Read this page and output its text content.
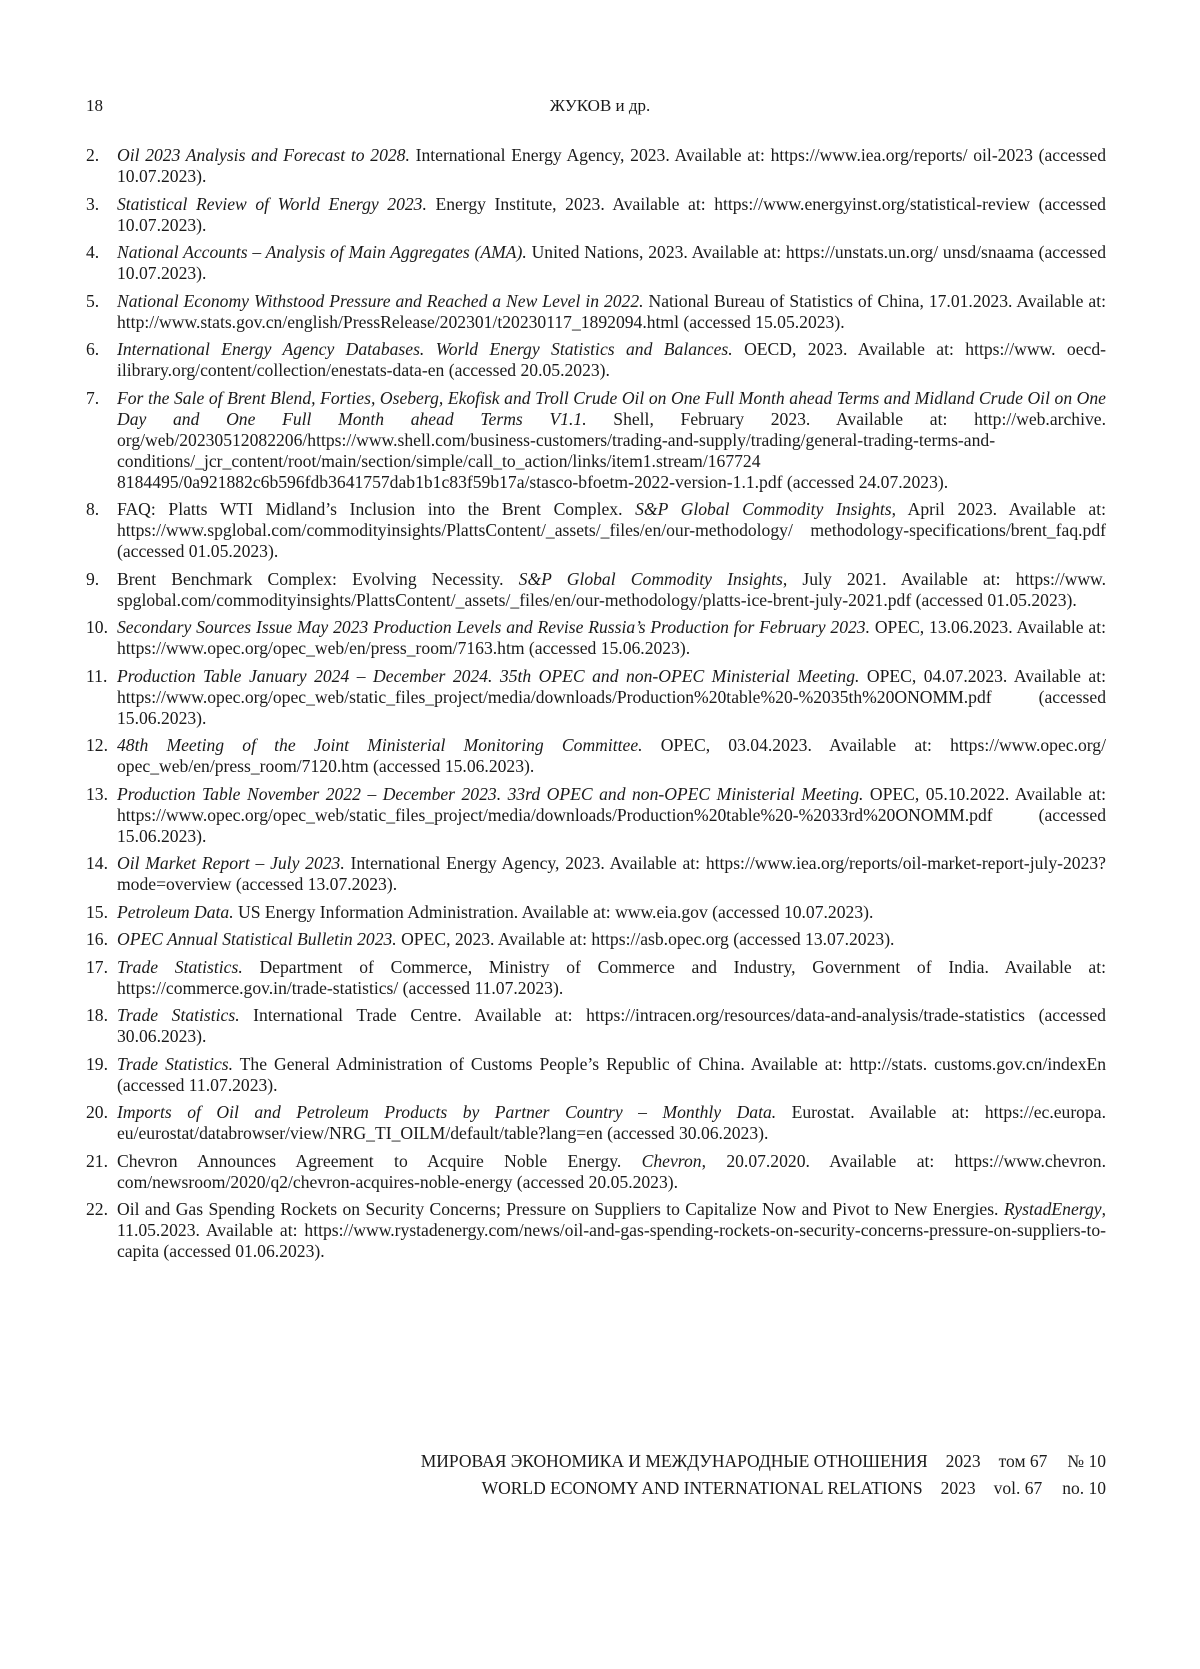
18	ЖУКОВ и др.
2.	Oil 2023 Analysis and Forecast to 2028. International Energy Agency, 2023. Available at: https://www.iea.org/reports/ oil-2023 (accessed 10.07.2023).
3.	Statistical Review of World Energy 2023. Energy Institute, 2023. Available at: https://www.energyinst.org/statistical-review (accessed 10.07.2023).
4.	National Accounts – Analysis of Main Aggregates (AMA). United Nations, 2023. Available at: https://unstats.un.org/ unsd/snaama (accessed 10.07.2023).
5.	National Economy Withstood Pressure and Reached a New Level in 2022. National Bureau of Statistics of China, 17.01.2023. Available at: http://www.stats.gov.cn/english/PressRelease/202301/t20230117_1892094.html (accessed 15.05.2023).
6.	International Energy Agency Databases. World Energy Statistics and Balances. OECD, 2023. Available at: https://www. oecd-ilibrary.org/content/collection/enestats-data-en (accessed 20.05.2023).
7.	For the Sale of Brent Blend, Forties, Oseberg, Ekofisk and Troll Crude Oil on One Full Month ahead Terms and Midland Crude Oil on One Day and One Full Month ahead Terms V1.1. Shell, February 2023. Available at: http://web.archive. org/web/20230512082206/https://www.shell.com/business-customers/trading-and-supply/trading/general-trading-terms-and-conditions/_jcr_content/root/main/section/simple/call_to_action/links/item1.stream/167724 8184495/0a921882c6b596fdb3641757dab1b1c83f59b17a/stasco-bfoetm-2022-version-1.1.pdf (accessed 24.07.2023).
8.	FAQ: Platts WTI Midland’s Inclusion into the Brent Complex. S&P Global Commodity Insights, April 2023. Available at: https://www.spglobal.com/commodityinsights/PlattsContent/_assets/_files/en/our-methodology/ methodology-specifications/brent_faq.pdf (accessed 01.05.2023).
9.	Brent Benchmark Complex: Evolving Necessity. S&P Global Commodity Insights, July 2021. Available at: https://www. spglobal.com/commodityinsights/PlattsContent/_assets/_files/en/our-methodology/platts-ice-brent-july-2021.pdf (accessed 01.05.2023).
10. Secondary Sources Issue May 2023 Production Levels and Revise Russia’s Production for February 2023. OPEC, 13.06.2023. Available at: https://www.opec.org/opec_web/en/press_room/7163.htm (accessed 15.06.2023).
11. Production Table January 2024 – December 2024. 35th OPEC and non-OPEC Ministerial Meeting. OPEC, 04.07.2023. Available at: https://www.opec.org/opec_web/static_files_project/media/downloads/Production%20table%20-%2035th%20ONOMM.pdf (accessed 15.06.2023).
12. 48th Meeting of the Joint Ministerial Monitoring Committee. OPEC, 03.04.2023. Available at: https://www.opec.org/ opec_web/en/press_room/7120.htm (accessed 15.06.2023).
13. Production Table November 2022 – December 2023. 33rd OPEC and non-OPEC Ministerial Meeting. OPEC, 05.10.2022. Available at: https://www.opec.org/opec_web/static_files_project/media/downloads/Production%20table%20-%2033rd%20ONOMM.pdf (accessed 15.06.2023).
14. Oil Market Report – July 2023. International Energy Agency, 2023. Available at: https://www.iea.org/reports/oil-market-report-july-2023?mode=overview (accessed 13.07.2023).
15. Petroleum Data. US Energy Information Administration. Available at: www.eia.gov (accessed 10.07.2023).
16. OPEC Annual Statistical Bulletin 2023. OPEC, 2023. Available at: https://asb.opec.org (accessed 13.07.2023).
17. Trade Statistics. Department of Commerce, Ministry of Commerce and Industry, Government of India. Available at: https://commerce.gov.in/trade-statistics/ (accessed 11.07.2023).
18. Trade Statistics. International Trade Centre. Available at: https://intracen.org/resources/data-and-analysis/trade-statistics (accessed 30.06.2023).
19. Trade Statistics. The General Administration of Customs People’s Republic of China. Available at: http://stats. customs.gov.cn/indexEn (accessed 11.07.2023).
20. Imports of Oil and Petroleum Products by Partner Country – Monthly Data. Eurostat. Available at: https://ec.europa. eu/eurostat/databrowser/view/NRG_TI_OILM/default/table?lang=en (accessed 30.06.2023).
21. Chevron Announces Agreement to Acquire Noble Energy. Chevron, 20.07.2020. Available at: https://www.chevron. com/newsroom/2020/q2/chevron-acquires-noble-energy (accessed 20.05.2023).
22. Oil and Gas Spending Rockets on Security Concerns; Pressure on Suppliers to Capitalize Now and Pivot to New Energies. RystadEnergy, 11.05.2023. Available at: https://www.rystadenergy.com/news/oil-and-gas-spending-rockets-on-security-concerns-pressure-on-suppliers-to-capita (accessed 01.06.2023).
МИРОВАЯ ЭКОНОМИКА И МЕЖДУНАРОДНЫЕ ОТНОШЕНИЯ 2023 том 67 № 10
WORLD ECONOMY AND INTERNATIONAL RELATIONS 2023 vol. 67 no. 10
